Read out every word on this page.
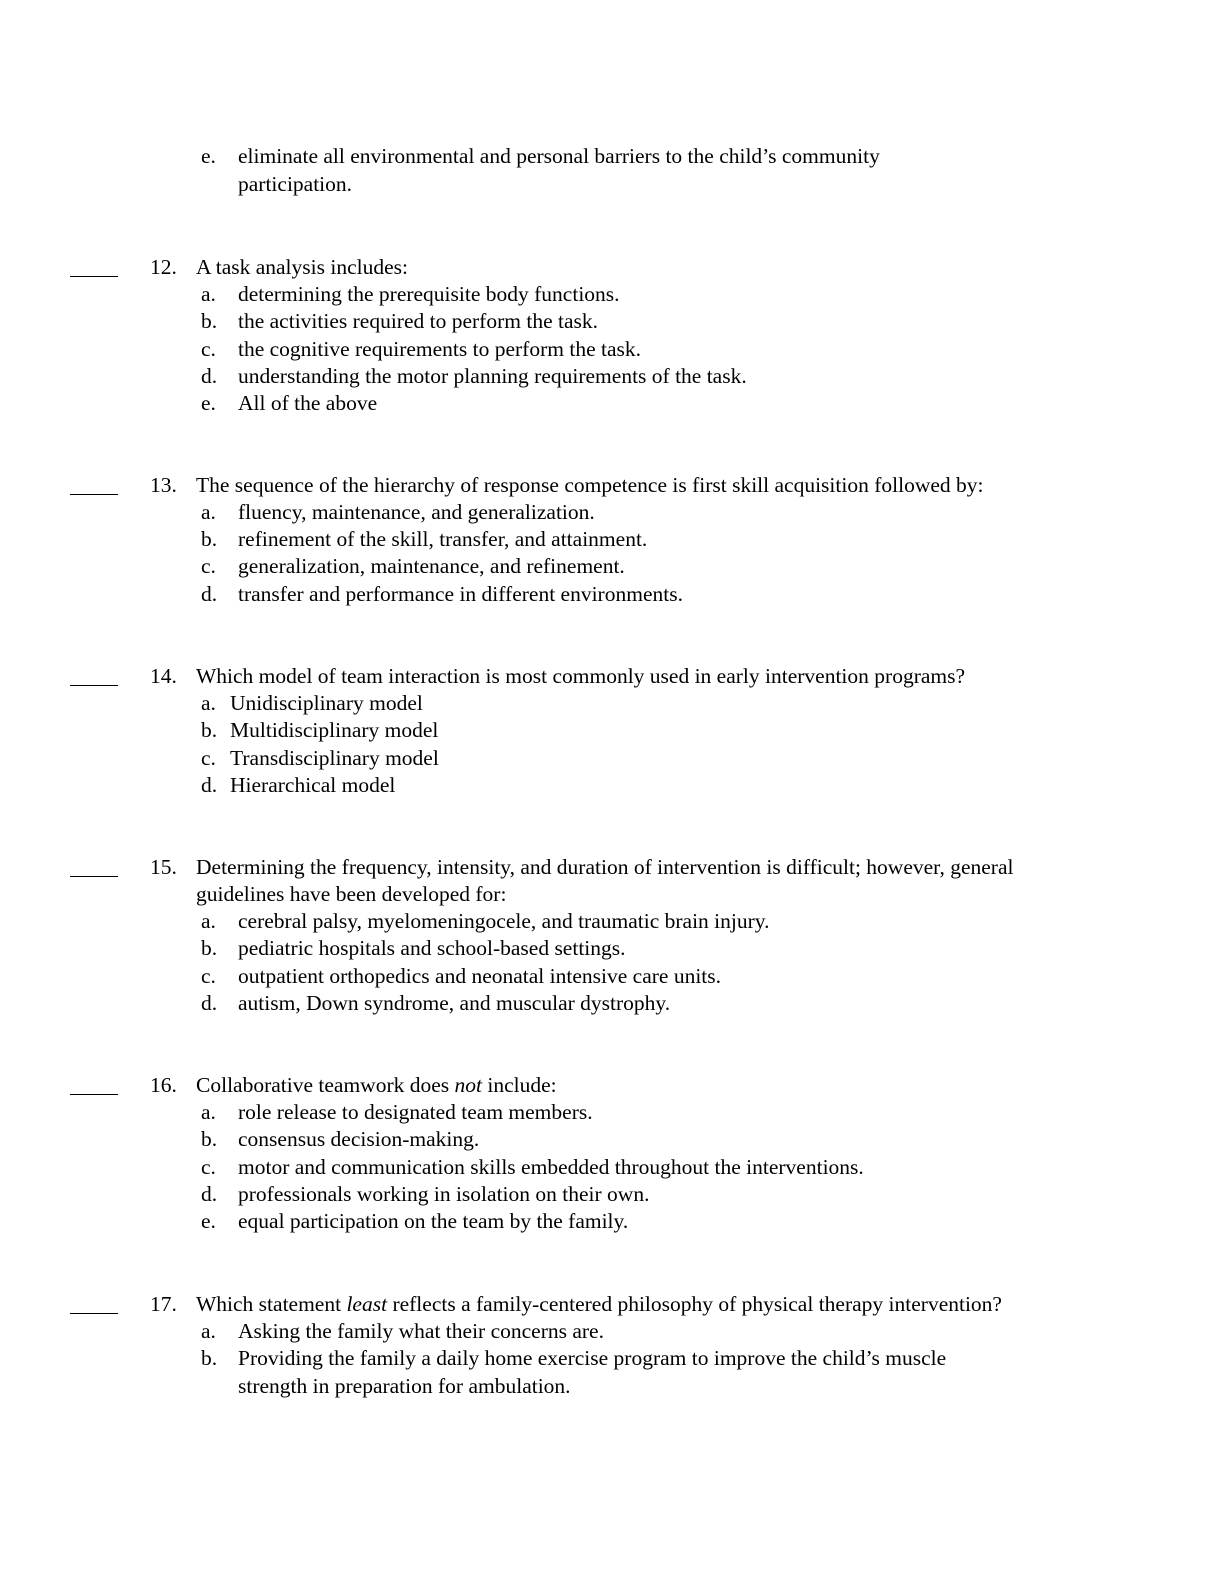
e. eliminate all environmental and personal barriers to the child’s community
participation.
12. A task analysis includes:
a. determining the prerequisite body functions.
b. the activities required to perform the task.
c. the cognitive requirements to perform the task.
d. understanding the motor planning requirements of the task.
e. All of the above
13. The sequence of the hierarchy of response competence is first skill acquisition followed by:
a. fluency, maintenance, and generalization.
b. refinement of the skill, transfer, and attainment.
c. generalization, maintenance, and refinement.
d. transfer and performance in different environments.
14. Which model of team interaction is most commonly used in early intervention programs?
a. Unidisciplinary model
b. Multidisciplinary model
c. Transdisciplinary model
d. Hierarchical model
15. Determining the frequency, intensity, and duration of intervention is difficult; however, general
guidelines have been developed for:
a. cerebral palsy, myelomeningocele, and traumatic brain injury.
b. pediatric hospitals and school-based settings.
c. outpatient orthopedics and neonatal intensive care units.
d. autism, Down syndrome, and muscular dystrophy.
16. Collaborative teamwork does not include:
a. role release to designated team members.
b. consensus decision-making.
c. motor and communication skills embedded throughout the interventions.
d. professionals working in isolation on their own.
e. equal participation on the team by the family.
17. Which statement least reflects a family-centered philosophy of physical therapy intervention?
a. Asking the family what their concerns are.
b. Providing the family a daily home exercise program to improve the child’s muscle
strength in preparation for ambulation.
